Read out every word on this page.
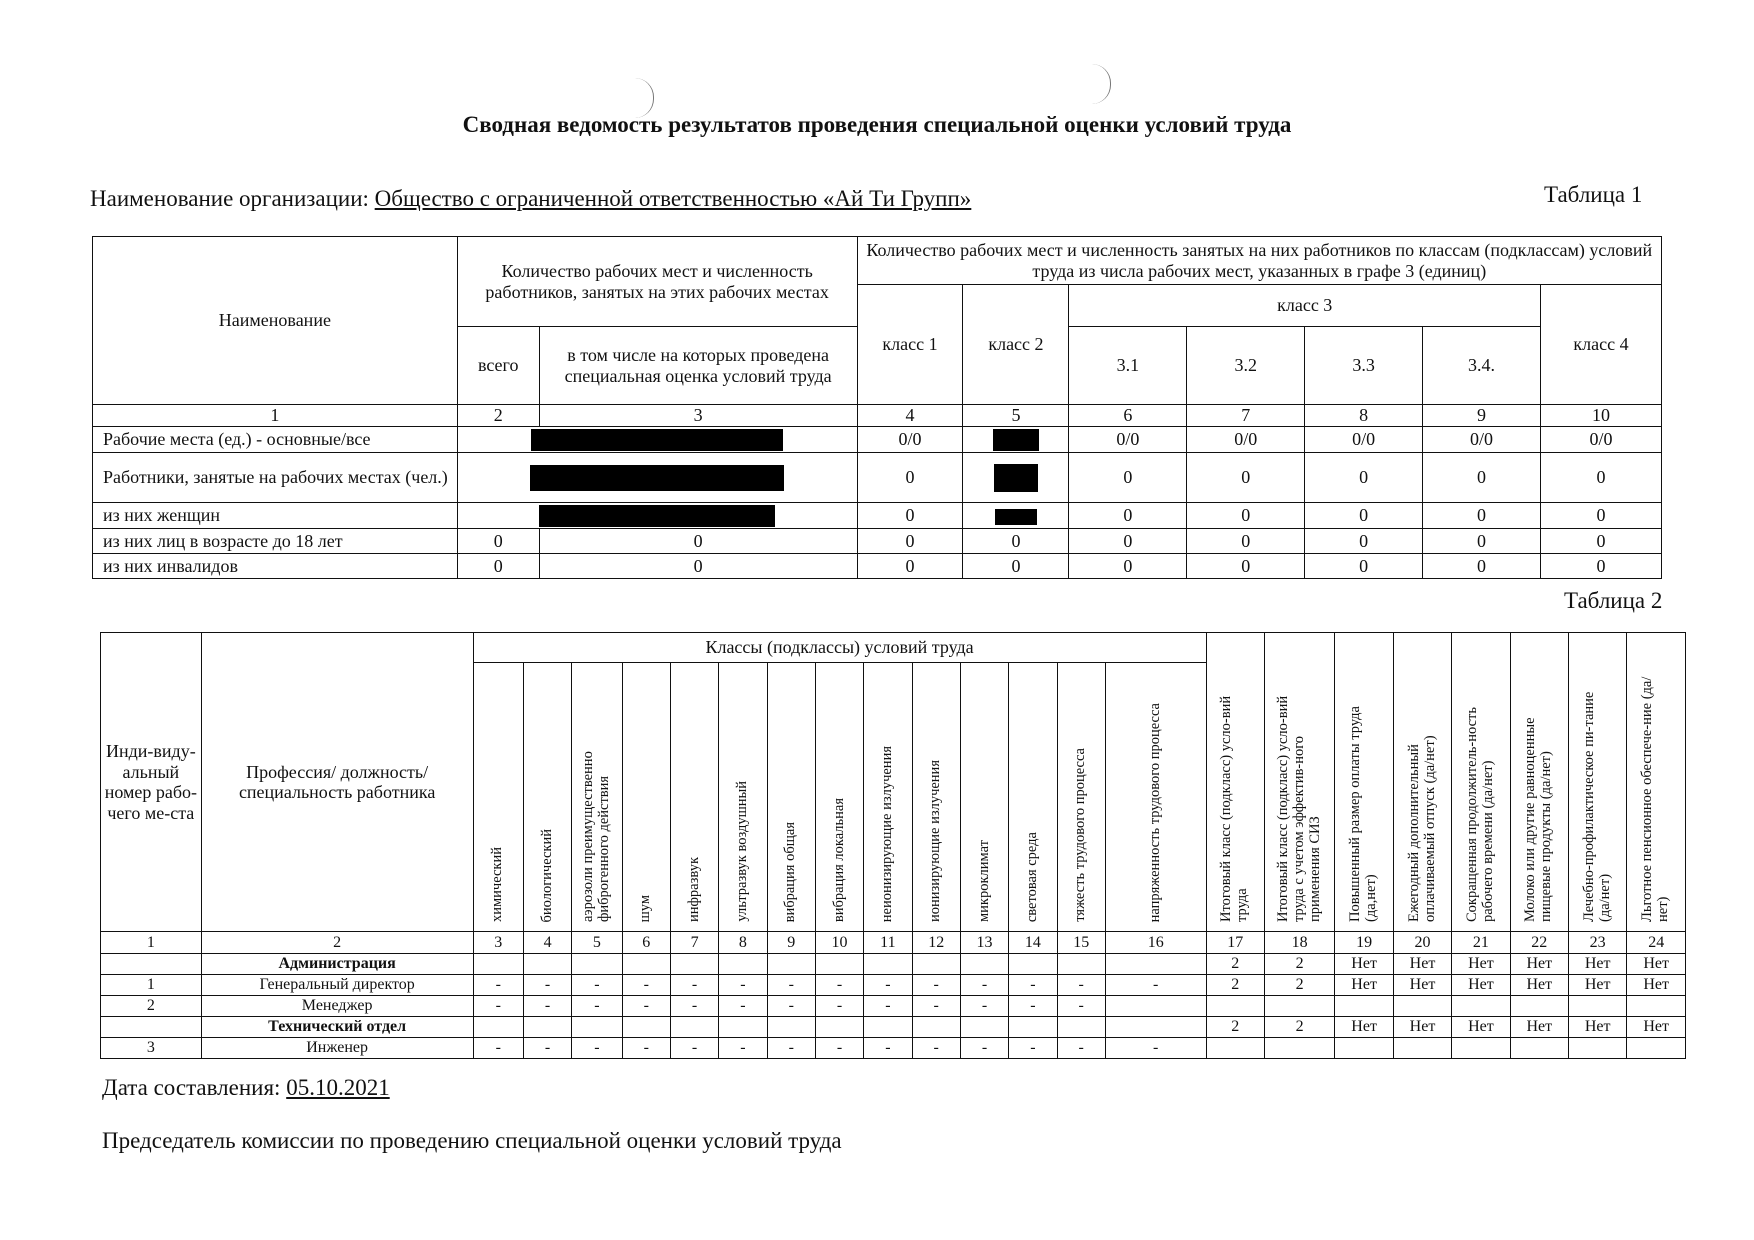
Сводная ведомость результатов проведения специальной оценки условий труда
Наименование организации: Общество с ограниченной ответственностью «Ай Ти Групп»	Таблица 1
Наименование	Количество рабочих мест и численность работников, занятых на этих рабочих местах		Количество рабочих мест и численность занятых на них работников по классам (подклассам) условий труда из числа рабочих мест, указанных в графе 3 (единиц)						
			класс 1	класс 2	класс 3				класс 4
	всего	в том числе на которых проведена специальная оценка условий труда			3.1	3.2	3.3	3.4.	
1	2	3	4	5	6	7	8	9	10
Рабочие места (ед.) - основные/все			0/0		0/0	0/0	0/0	0/0	0/0
Работники, занятые на рабочих местах (чел.)			0		0	0	0	0	0
из них женщин			0		0	0	0	0	0
из них лиц в возрасте до 18 лет	0	0	0	0	0	0	0	0	0
из них инвалидов	0	0	0	0	0	0	0	0	0
Таблица 2
Инди-виду-альный номер рабо-чего ме-ста	Профессия/ должность/ специальность работника	Классы (подклассы) условий труда														Итоговый класс (подкласс) усло-вий труда	Итоговый класс (подкласс) усло-вий труда с учетом эффектив-ного применения СИЗ	Повышенный размер оплаты труда (да,нет)	Ежегодный дополнительный оплачиваемый отпуск (да/нет)	Сокращенная продолжитель-ность рабочего времени (да/нет)	Молоко или другие равноценные пищевые продукты (да/нет)	Лечебно-профилактическое пи-тание (да/нет)	Льготное пенсионное обеспече-ние (да/нет)
		химический	биологический	аэрозоли преимущественно фиброгенного действия	шум	инфразвук	ультразвук воздушный	вибрация общая	вибрация локальная	неионизирующие излучения	ионизирующие излучения	микроклимат	световая среда	тяжесть трудового процесса	напряженность трудового процесса								
1	2	3	4	5	6	7	8	9	10	11	12	13	14	15	16	17	18	19	20	21	22	23	24
	Администрация															2	2	Нет	Нет	Нет	Нет	Нет	Нет
1	Генеральный директор	-	-	-	-	-	-	-	-	-	-	-	-	-	-	2	2	Нет	Нет	Нет	Нет	Нет	Нет
2	Менеджер	-	-	-	-	-	-	-	-	-	-	-	-	-									
	Технический отдел															2	2	Нет	Нет	Нет	Нет	Нет	Нет
3	Инженер	-	-	-	-	-	-	-	-	-	-	-	-	-	-								
Дата составления: 05.10.2021
Председатель комиссии по проведению специальной оценки условий труда
